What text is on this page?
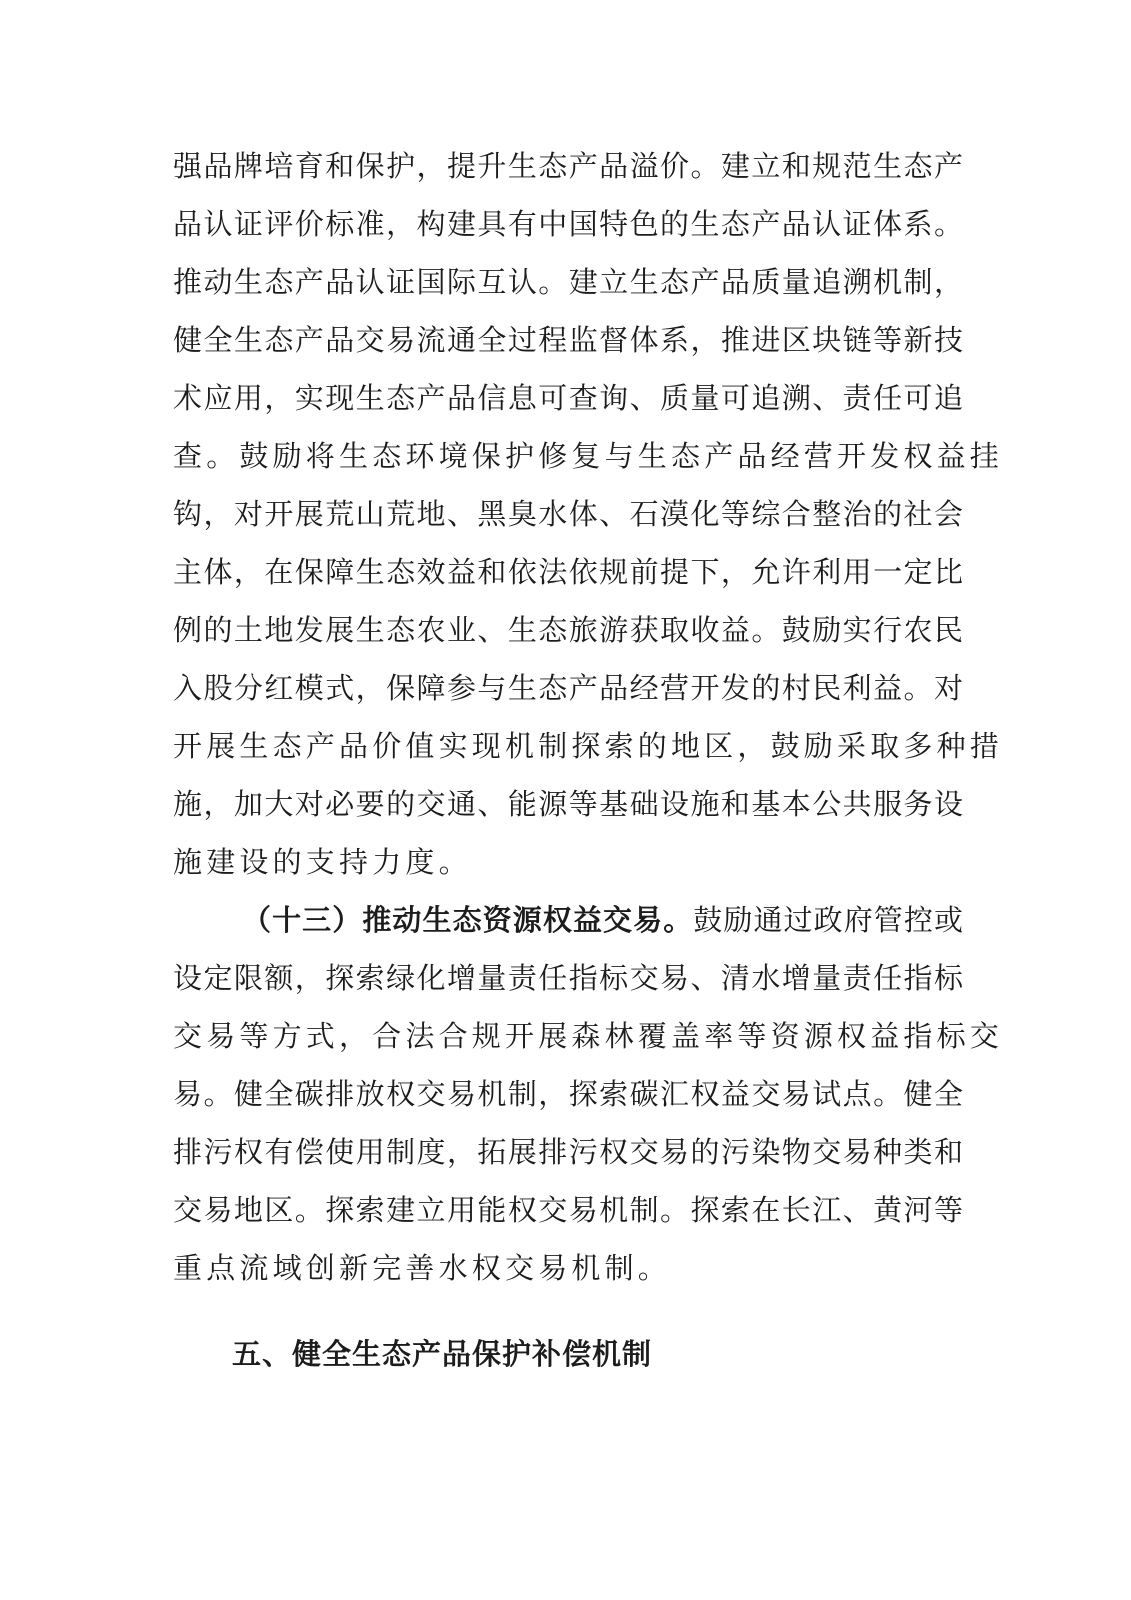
强品牌培育和保护，提升生态产品溢价。建立和规范生态产
品认证评价标准，构建具有中国特色的生态产品认证体系。
推动生态产品认证国际互认。建立生态产品质量追溯机制，
健全生态产品交易流通全过程监督体系，推进区块链等新技
术应用，实现生态产品信息可查询、质量可追溯、责任可追
查。鼓励将生态环境保护修复与生态产品经营开发权益挂
钩，对开展荒山荒地、黑臭水体、石漠化等综合整治的社会
主体，在保障生态效益和依法依规前提下，允许利用一定比
例的土地发展生态农业、生态旅游获取收益。鼓励实行农民
入股分红模式，保障参与生态产品经营开发的村民利益。对
开展生态产品价值实现机制探索的地区，鼓励采取多种措
施，加大对必要的交通、能源等基础设施和基本公共服务设
施建设的支持力度。
（十三）推动生态资源权益交易。鼓励通过政府管控或
设定限额，探索绿化增量责任指标交易、清水增量责任指标
交易等方式，合法合规开展森林覆盖率等资源权益指标交
易。健全碳排放权交易机制，探索碳汇权益交易试点。健全
排污权有偿使用制度，拓展排污权交易的污染物交易种类和
交易地区。探索建立用能权交易机制。探索在长江、黄河等
重点流域创新完善水权交易机制。
五、健全生态产品保护补偿机制
